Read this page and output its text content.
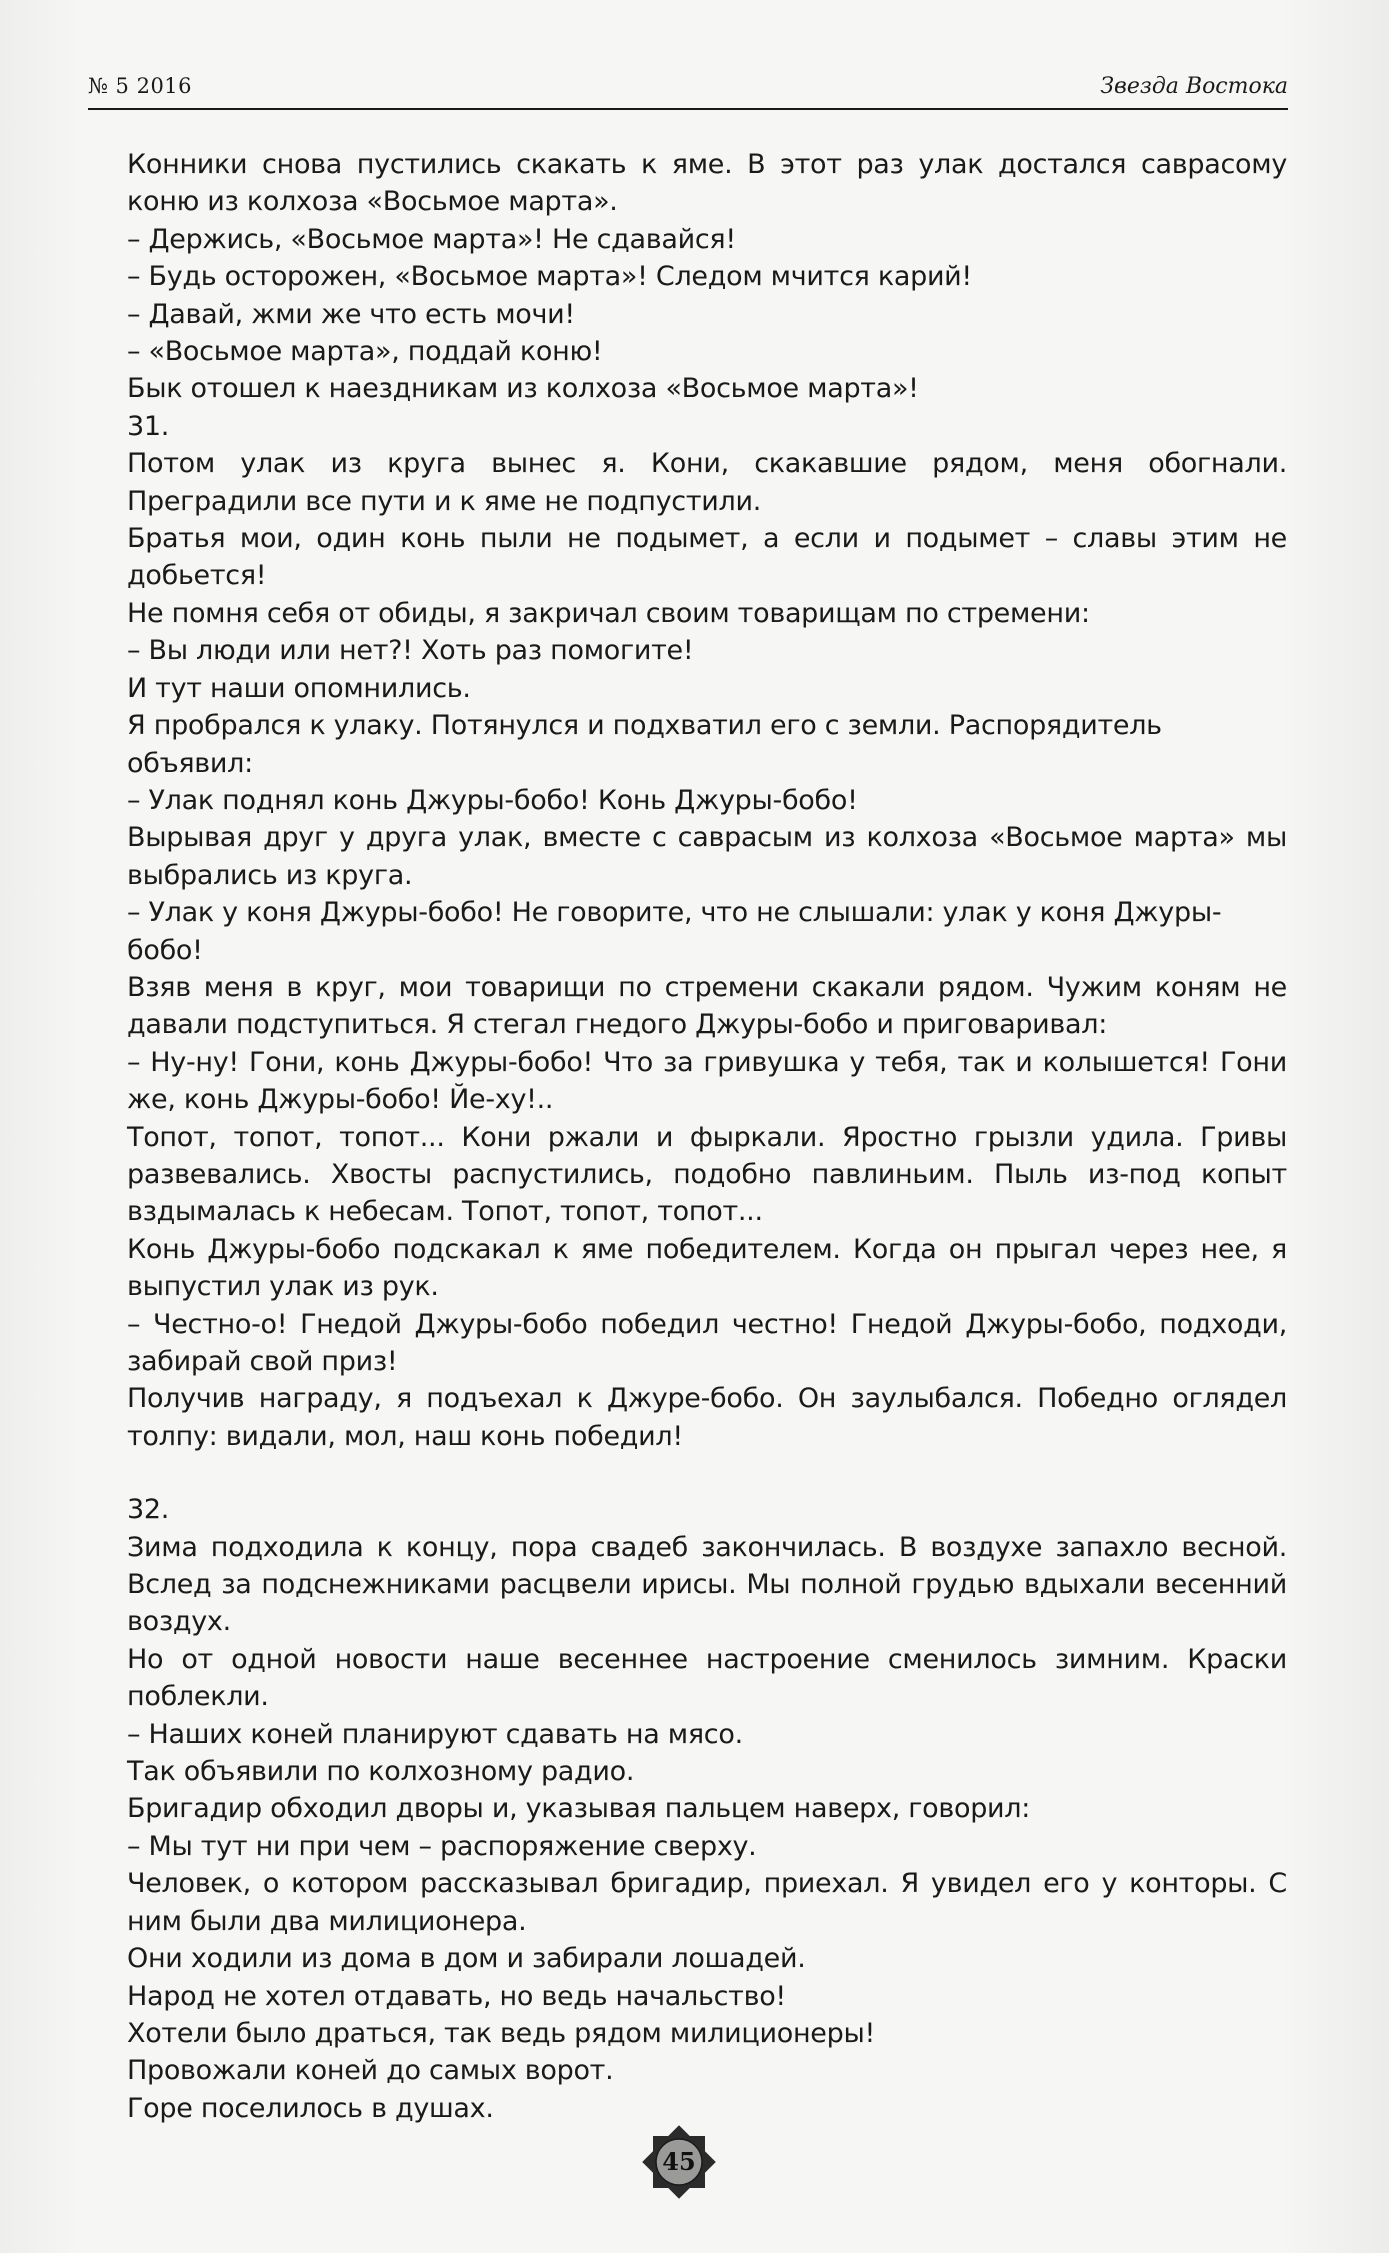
№ 5 2016	Звезда Востока

Конники снова пустились скакать к яме. В этот раз улак достался саврасому коню из колхоза «Восьмое марта».

– Держись, «Восьмое марта»! Не сдавайся!

– Будь осторожен, «Восьмое марта»! Следом мчится карий!

– Давай, жми же что есть мочи!

– «Восьмое марта», поддай коню!

Бык отошел к наездникам из колхоза «Восьмое марта»!

31.

Потом улак из круга вынес я. Кони, скакавшие рядом, меня обогнали. Преградили все пути и к яме не подпустили.

Братья мои, один конь пыли не подымет, а если и подымет – славы этим не добьется!

Не помня себя от обиды, я закричал своим товарищам по стремени:

– Вы люди или нет?! Хоть раз помогите!

И тут наши опомнились.

Я пробрался к улаку. Потянулся и подхватил его с земли. Распорядитель объявил:

– Улак поднял конь Джуры-бобо! Конь Джуры-бобо!

Вырывая друг у друга улак, вместе с саврасым из колхоза «Восьмое марта» мы выбрались из круга.

– Улак у коня Джуры-бобо! Не говорите, что не слышали: улак у коня Джуры-бобо!

Взяв меня в круг, мои товарищи по стремени скакали рядом. Чужим коням не давали подступиться. Я стегал гнедого Джуры-бобо и приговаривал:

– Ну-ну! Гони, конь Джуры-бобо! Что за гривушка у тебя, так и колышется! Гони же, конь Джуры-бобо! Йе-ху!..

Топот, топот, топот... Кони ржали и фыркали. Яростно грызли удила. Гривы развевались. Хвосты распустились, подобно павлиньим. Пыль из-под копыт вздымалась к небесам. Топот, топот, топот...

Конь Джуры-бобо подскакал к яме победителем. Когда он прыгал через нее, я выпустил улак из рук.

– Честно-о! Гнедой Джуры-бобо победил честно! Гнедой Джуры-бобо, подходи, забирай свой приз!

Получив награду, я подъехал к Джуре-бобо. Он заулыбался. Победно оглядел толпу: видали, мол, наш конь победил!

32.

Зима подходила к концу, пора свадеб закончилась. В воздухе запахло весной. Вслед за подснежниками расцвели ирисы. Мы полной грудью вдыхали весенний воздух.

Но от одной новости наше весеннее настроение сменилось зимним. Краски поблекли.

– Наших коней планируют сдавать на мясо.

Так объявили по колхозному радио.

Бригадир обходил дворы и, указывая пальцем наверх, говорил:

– Мы тут ни при чем – распоряжение сверху.

Человек, о котором рассказывал бригадир, приехал. Я увидел его у конторы. С ним были два милиционера.

Они ходили из дома в дом и забирали лошадей.

Народ не хотел отдавать, но ведь начальство!

Хотели было драться, так ведь рядом милиционеры!

Провожали коней до самых ворот.

Горе поселилось в душах.

45
